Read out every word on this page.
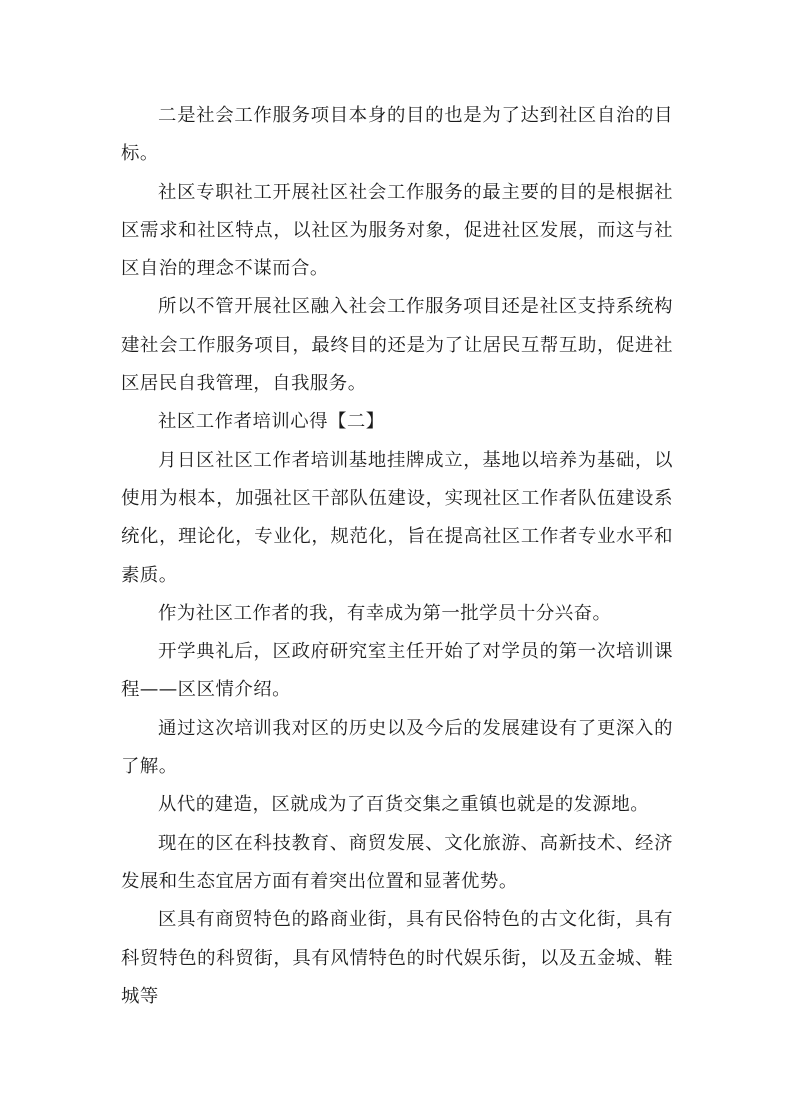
二是社会工作服务项目本身的目的也是为了达到社区自治的目标。

社区专职社工开展社区社会工作服务的最主要的目的是根据社区需求和社区特点，以社区为服务对象，促进社区发展，而这与社区自治的理念不谋而合。

所以不管开展社区融入社会工作服务项目还是社区支持系统构建社会工作服务项目，最终目的还是为了让居民互帮互助，促进社区居民自我管理，自我服务。

社区工作者培训心得【二】

月日区社区工作者培训基地挂牌成立，基地以培养为基础，以使用为根本，加强社区干部队伍建设，实现社区工作者队伍建设系统化，理论化，专业化，规范化，旨在提高社区工作者专业水平和素质。

作为社区工作者的我，有幸成为第一批学员十分兴奋。

开学典礼后，区政府研究室主任开始了对学员的第一次培训课程——区区情介绍。

通过这次培训我对区的历史以及今后的发展建设有了更深入的了解。

从代的建造，区就成为了百货交集之重镇也就是的发源地。

现在的区在科技教育、商贸发展、文化旅游、高新技术、经济发展和生态宜居方面有着突出位置和显著优势。

区具有商贸特色的路商业街，具有民俗特色的古文化街，具有科贸特色的科贸街，具有风情特色的时代娱乐街，以及五金城、鞋城等
